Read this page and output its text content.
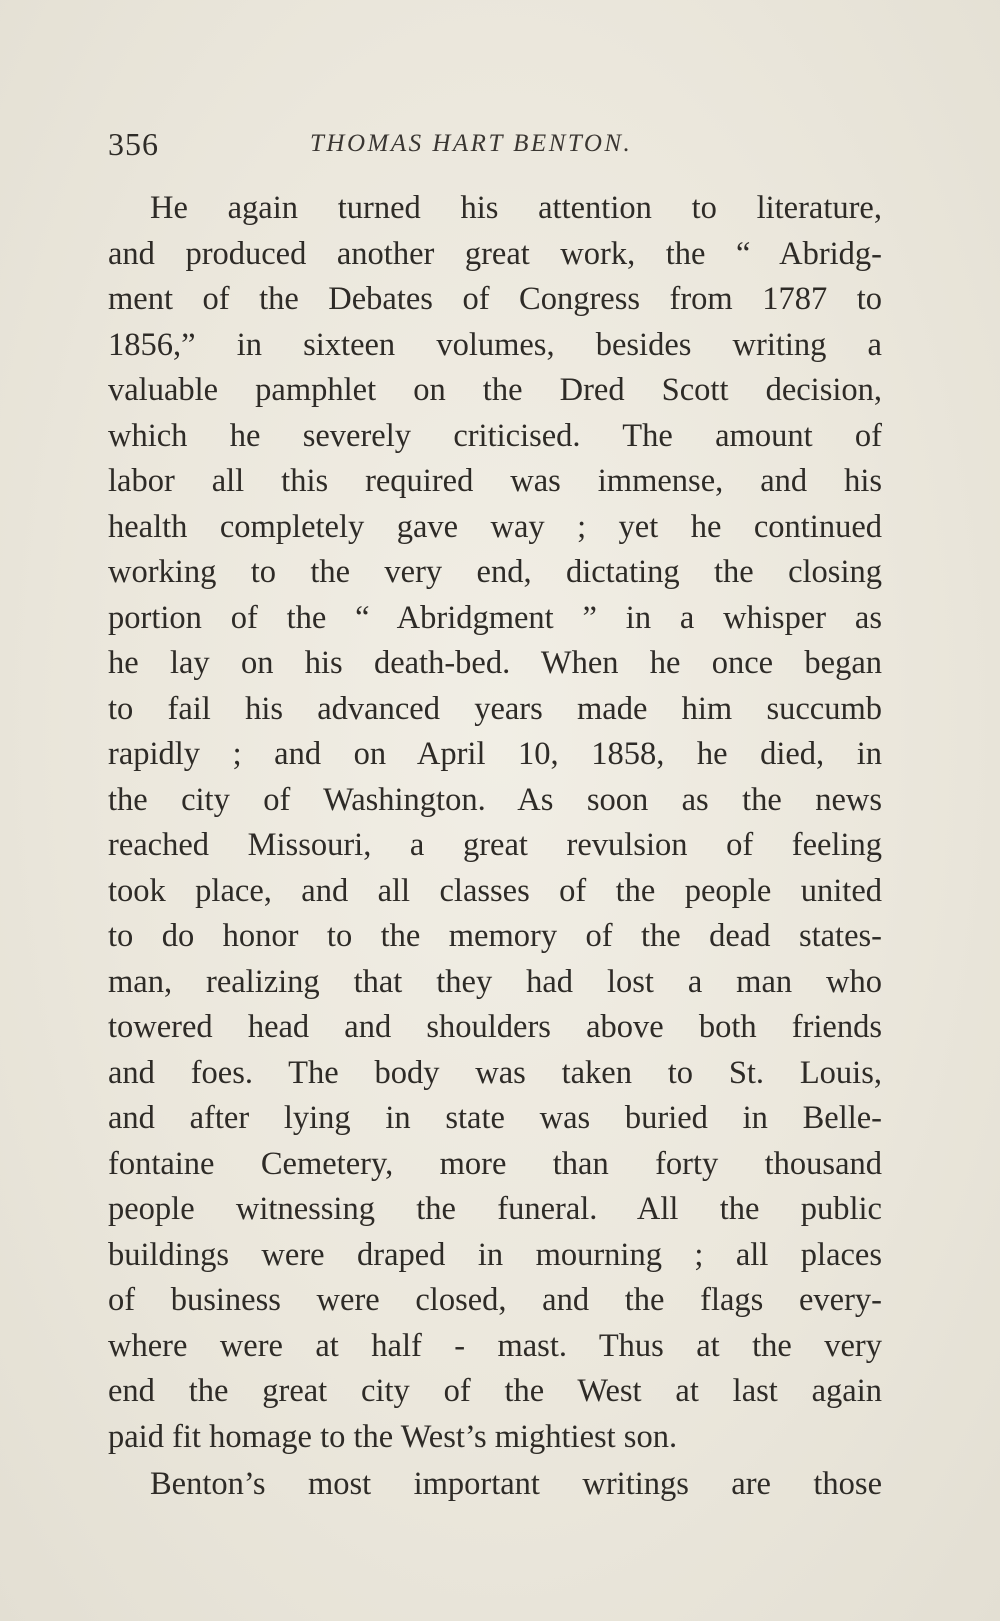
356	THOMAS HART BENTON.
He again turned his attention to literature,
and produced another great work, the “ Abridg-
ment of the Debates of Congress from 1787 to
1856,” in sixteen volumes, besides writing a
valuable pamphlet on the Dred Scott decision,
which he severely criticised. The amount of
labor all this required was immense, and his
health completely gave way ; yet he continued
working to the very end, dictating the closing
portion of the “ Abridgment ” in a whisper as
he lay on his death-bed. When he once began
to fail his advanced years made him succumb
rapidly ; and on April 10, 1858, he died, in
the city of Washington. As soon as the news
reached Missouri, a great revulsion of feeling
took place, and all classes of the people united
to do honor to the memory of the dead states-
man, realizing that they had lost a man who
towered head and shoulders above both friends
and foes. The body was taken to St. Louis,
and after lying in state was buried in Belle-
fontaine Cemetery, more than forty thousand
people witnessing the funeral. All the public
buildings were draped in mourning ; all places
of business were closed, and the flags every-
where were at half - mast. Thus at the very
end the great city of the West at last again
paid fit homage to the West’s mightiest son.
Benton’s most important writings are those
